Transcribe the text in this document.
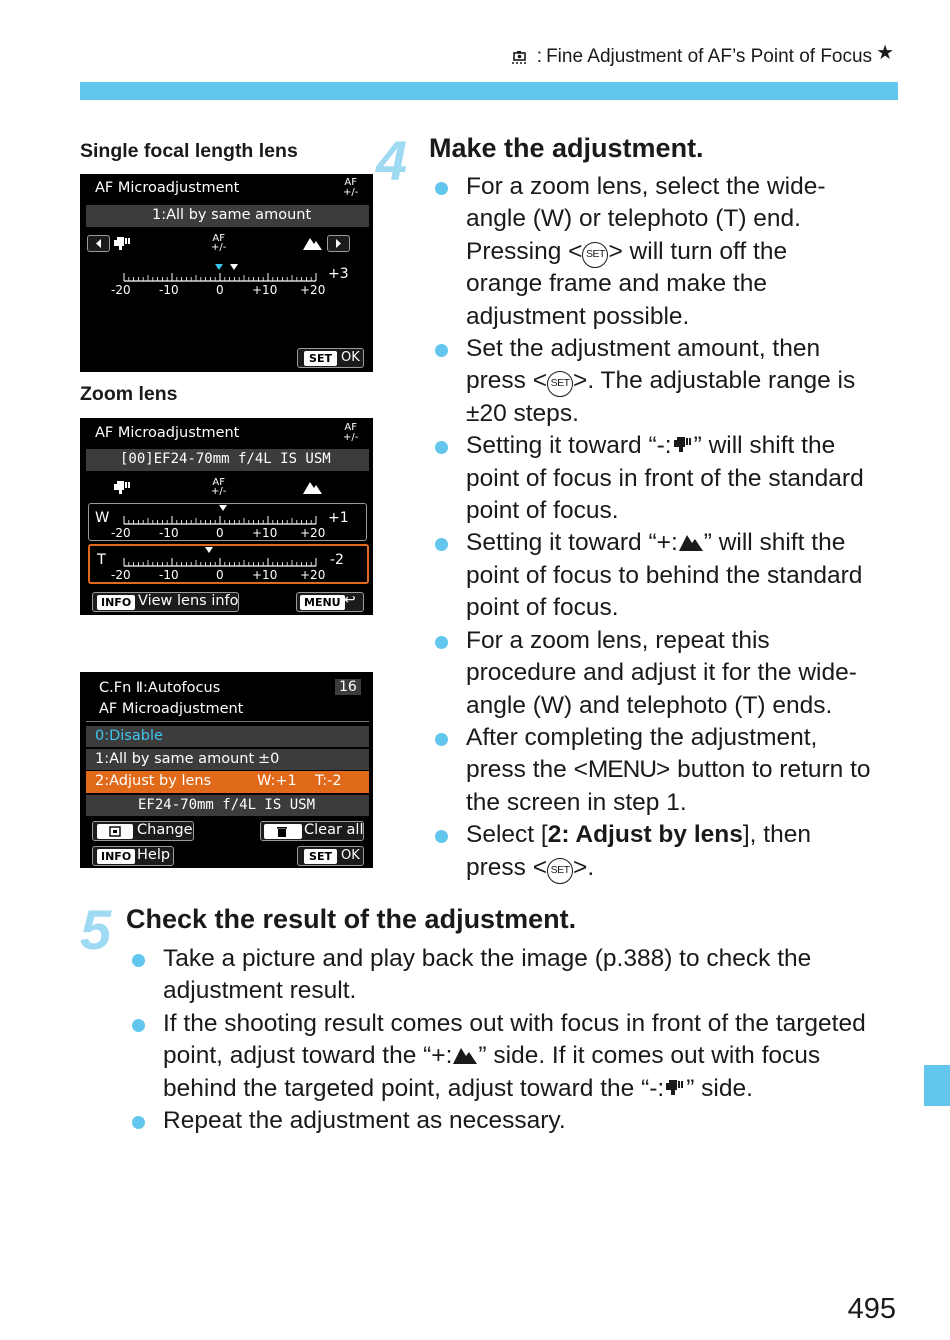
: Fine Adjustment of AF’s Point of Focus ★
Single focal length lens
Zoom lens
AF Microadjustment	AF
+/-
1:All by same amount
AF
+/-
+3
-20 -10	0 +10 +20
SET OK
AF Microadjustment	AF
+/-
[00]EF24-70mm f/4L IS USM
AF
+/-
W	+1
-20 -10	0 +10 +20
T	-2
-20 -10	0 +10 +20
INFO View lens info	MENU ↩
C.Fn Ⅱ:Autofocus	16
AF Microadjustment
0:Disable
1:All by same amount ±0
2:Adjust by lens	W:+1 T:-2
EF24-70mm f/4L IS USM
Change	Clear all
INFO Help	SET OK
4 Make the adjustment.
For a zoom lens, select the wide-
angle (W) or telephoto (T) end.
Pressing < SET > will turn off the
orange frame and make the
adjustment possible.
Set the adjustment amount, then
press < SET >. The adjustable range is
±20 steps.
Setting it toward “-: ” will shift the
point of focus in front of the standard
point of focus.
Setting it toward “+: ” will shift the
point of focus to behind the standard
point of focus.
For a zoom lens, repeat this
procedure and adjust it for the wide-
angle (W) and telephoto (T) ends.
After completing the adjustment,
press the <MENU> button to return to
the screen in step 1.
Select [2: Adjust by lens], then
press < SET >.
5 Check the result of the adjustment.
Take a picture and play back the image (p.388) to check the
adjustment result.
If the shooting result comes out with focus in front of the targeted
point, adjust toward the “+: ” side. If it comes out with focus
behind the targeted point, adjust toward the “-: ” side.
Repeat the adjustment as necessary.
495
